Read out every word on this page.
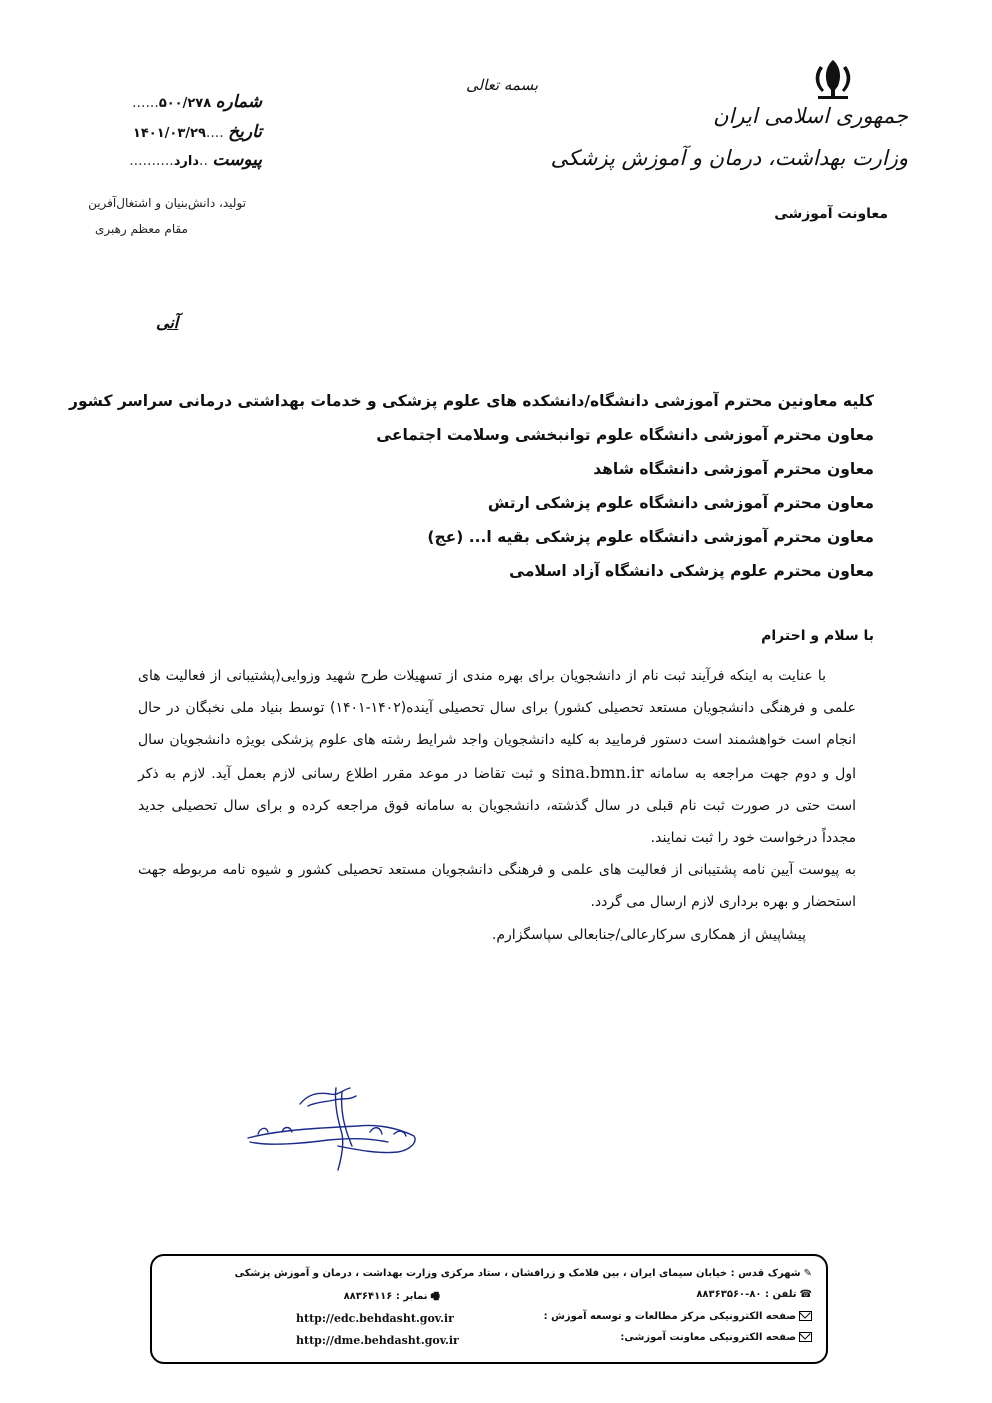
جمهوری اسلامی ایران
وزارت بهداشت، درمان و آموزش پزشکی
معاونت آموزشی
بسمه تعالی
شماره ۵۰۰/۲۷۸......
تاریخ ....۱۴۰۱/۰۳/۲۹
پیوست ..دارد..........
تولید، دانش‌بنیان و اشتغال‌آفرین
مقام معظم رهبری
آنی
کلیه معاونین محترم آموزشی دانشگاه/دانشکده های علوم پزشکی و خدمات بهداشتی درمانی سراسر کشور
معاون محترم آموزشی دانشگاه علوم توانبخشی وسلامت اجتماعی
معاون محترم آموزشی دانشگاه شاهد
معاون محترم آموزشی دانشگاه علوم پزشکی ارتش
معاون محترم آموزشی دانشگاه علوم پزشکی بقیه ا... (عج)
معاون محترم علوم پزشکی دانشگاه آزاد اسلامی
با سلام و احترام

با عنایت به اینکه فرآیند ثبت نام از دانشجویان برای بهره مندی از تسهیلات طرح شهید وزوایی(پشتیبانی از فعالیت های علمی و فرهنگی دانشجویان مستعد تحصیلی کشور) برای سال تحصیلی آینده(۱۴۰۲-۱۴۰۱) توسط بنیاد ملی نخبگان در حال انجام است خواهشمند است دستور فرمایید به کلیه دانشجویان واجد شرایط رشته های علوم پزشکی بویژه دانشجویان سال اول و دوم جهت مراجعه به سامانه sina.bmn.ir و ثبت تقاضا در موعد مقرر اطلاع رسانی لازم بعمل آید. لازم به ذکر است حتی در صورت ثبت نام قبلی در سال گذشته، دانشجویان به سامانه فوق مراجعه کرده و برای سال تحصیلی جدید مجدداً درخواست خود را ثبت نمایند.

به پیوست آیین نامه پشتیبانی از فعالیت های علمی و فرهنگی دانشجویان مستعد تحصیلی کشور و شیوه نامه مربوطه جهت استحضار و بهره برداری لازم ارسال می گردد.

پیشاپیش از همکاری سرکارعالی/جنابعالی سپاسگزارم.

✎شهرک قدس : خیابان سیمای ایران ، بین فلامک و زرافشان ، ستاد مرکزی وزارت بهداشت ، درمان و آموزش پزشکی
☎تلفن : ۸۰-۸۸۳۶۳۵۶۰
🖷نمابر : ۸۸۳۶۴۱۱۶
صفحه الکترونیکی مرکز مطالعات و توسعه آموزش :
http://edc.behdasht.gov.ir
صفحه الکترونیکی معاونت آموزشی:
http://dme.behdasht.gov.ir
